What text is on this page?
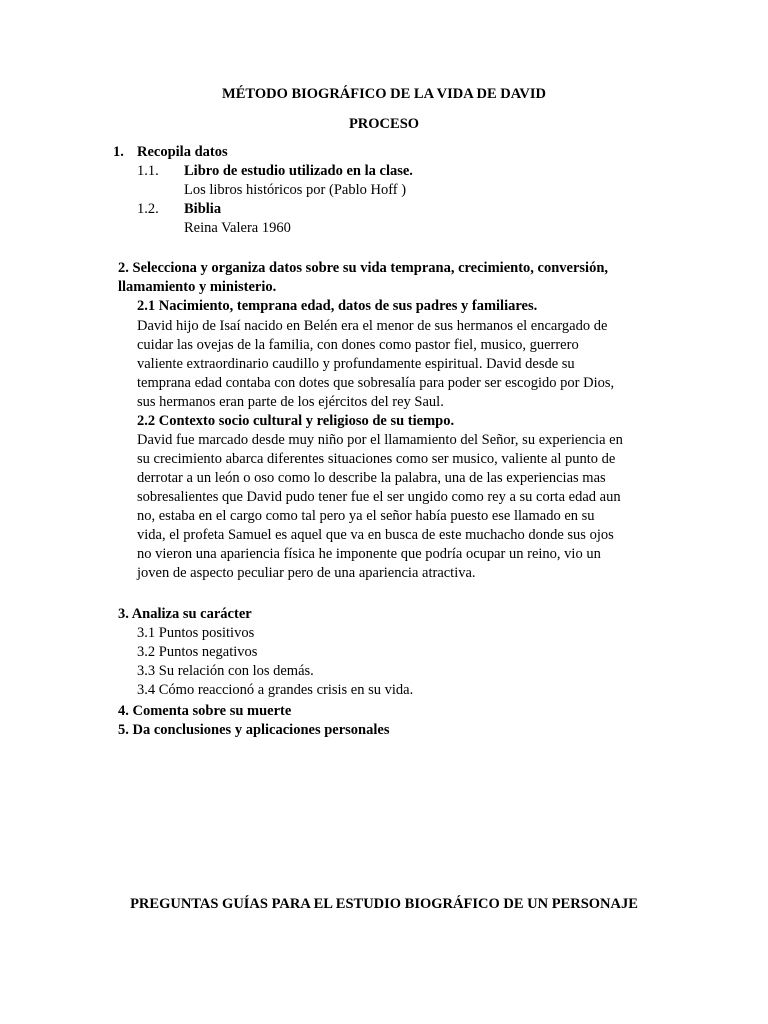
MÉTODO BIOGRÁFICO DE LA VIDA DE DAVID
PROCESO
1. Recopila datos
1.1. Libro de estudio utilizado en la clase.
Los libros históricos por (Pablo Hoff )
1.2. Biblia
Reina Valera 1960
2. Selecciona y organiza datos sobre su vida temprana, crecimiento, conversión,
llamamiento y ministerio.
2.1 Nacimiento, temprana edad, datos de sus padres y familiares.
David hijo de Isaí nacido en Belén era el menor de sus hermanos el encargado de
cuidar las ovejas de la familia, con dones como pastor fiel, musico, guerrero
valiente extraordinario caudillo y profundamente espiritual. David desde su
temprana edad contaba con dotes que sobresalía para poder ser escogido por Dios,
sus hermanos eran parte de los ejércitos del rey Saul.
2.2 Contexto socio cultural y religioso de su tiempo.
David fue marcado desde muy niño por el llamamiento del Señor, su experiencia en
su crecimiento abarca diferentes situaciones como ser musico, valiente al punto de
derrotar a un león o oso como lo describe la palabra, una de las experiencias mas
sobresalientes que David pudo tener fue el ser ungido como rey a su corta edad aun
no, estaba en el cargo como tal pero ya el señor había puesto ese llamado en su
vida, el profeta Samuel es aquel que va en busca de este muchacho donde sus ojos
no vieron una apariencia física he imponente que podría ocupar un reino, vio un
joven de aspecto peculiar pero de una apariencia atractiva.
3. Analiza su carácter
3.1 Puntos positivos
3.2 Puntos negativos
3.3 Su relación con los demás.
3.4 Cómo reaccionó a grandes crisis en su vida.
4. Comenta sobre su muerte
5. Da conclusiones y aplicaciones personales
PREGUNTAS GUÍAS PARA EL ESTUDIO BIOGRÁFICO DE UN PERSONAJE
